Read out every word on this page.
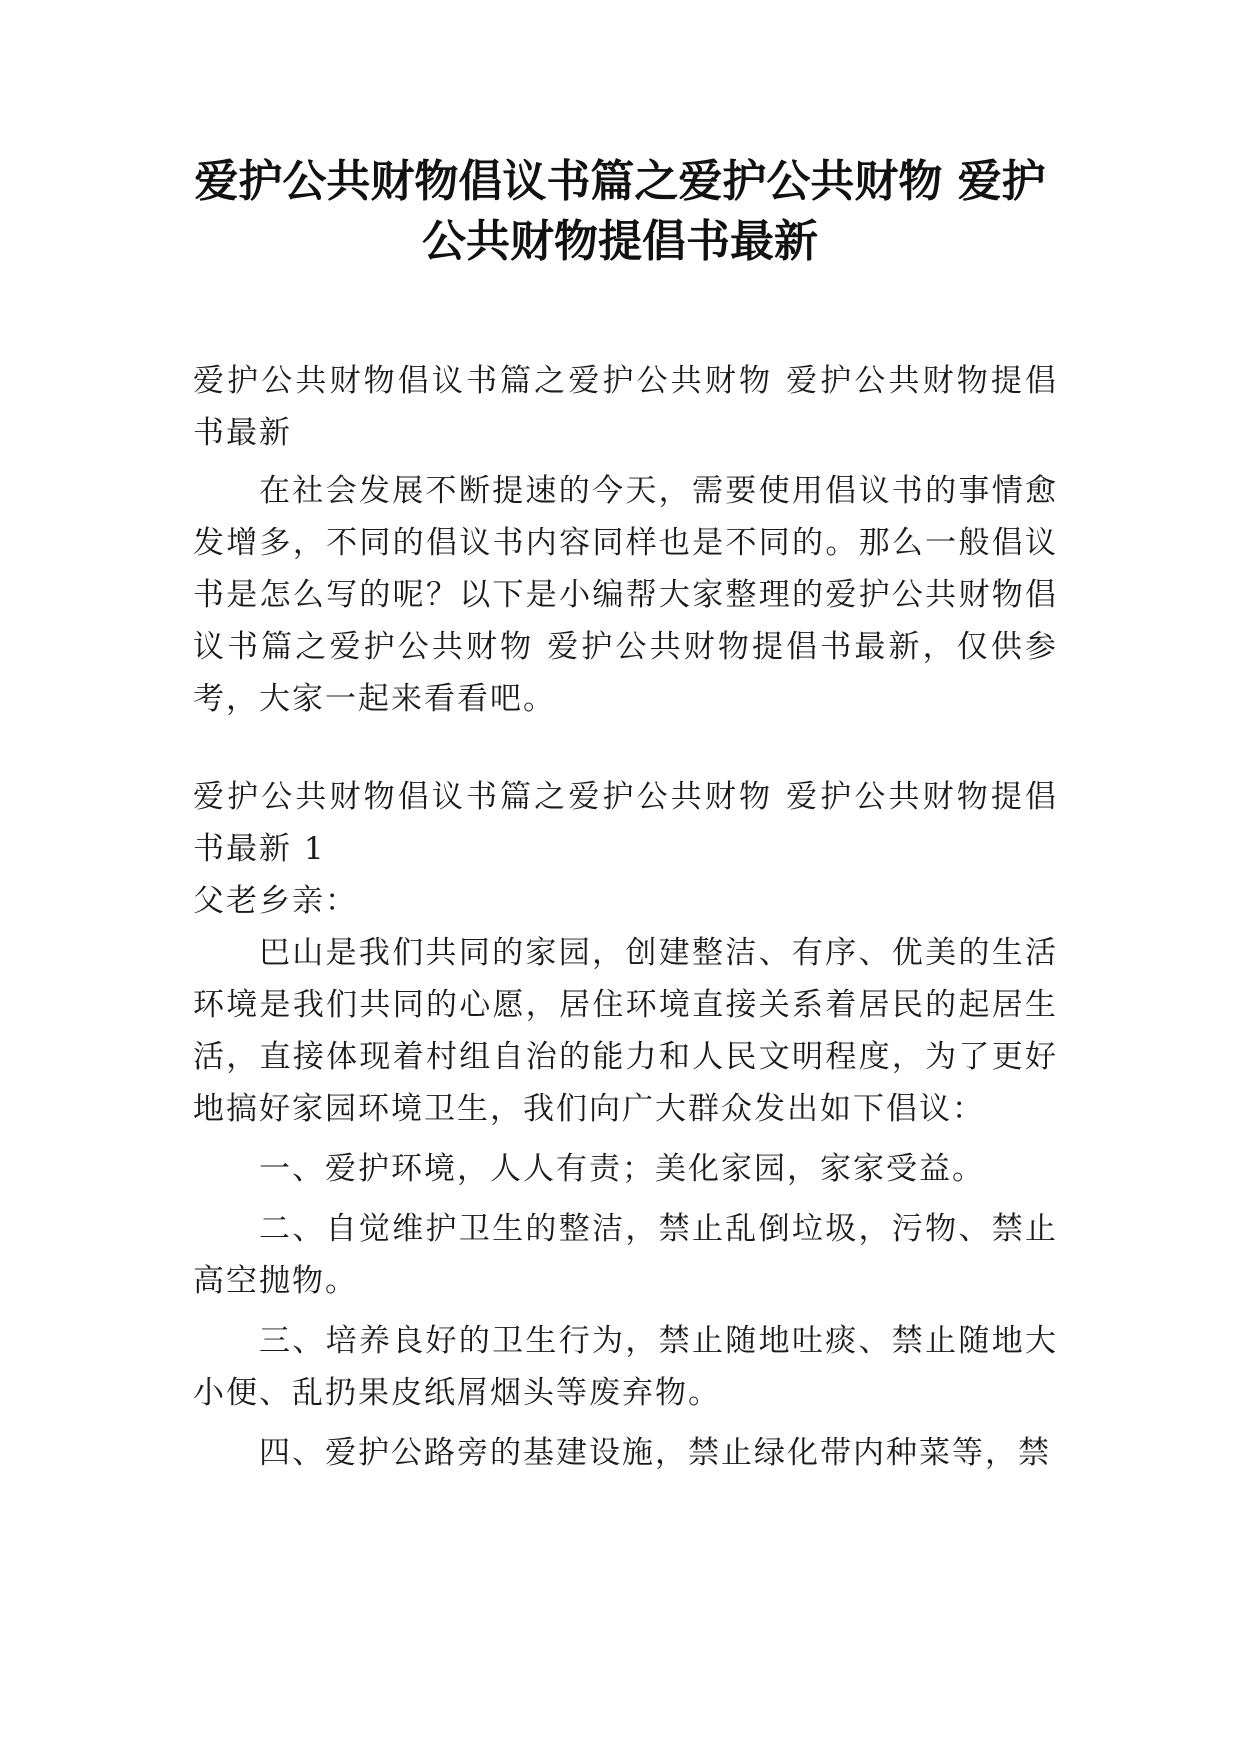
爱护公共财物倡议书篇之爱护公共财物 爱护公共财物提倡书最新

爱护公共财物倡议书篇之爱护公共财物 爱护公共财物提倡书最新

在社会发展不断提速的今天，需要使用倡议书的事情愈发增多，不同的倡议书内容同样也是不同的。那么一般倡议书是怎么写的呢？以下是小编帮大家整理的爱护公共财物倡议书篇之爱护公共财物 爱护公共财物提倡书最新，仅供参考，大家一起来看看吧。

爱护公共财物倡议书篇之爱护公共财物 爱护公共财物提倡书最新 1

父老乡亲：

巴山是我们共同的家园，创建整洁、有序、优美的生活环境是我们共同的心愿，居住环境直接关系着居民的起居生活，直接体现着村组自治的能力和人民文明程度，为了更好地搞好家园环境卫生，我们向广大群众发出如下倡议：

一、爱护环境，人人有责；美化家园，家家受益。

二、自觉维护卫生的整洁，禁止乱倒垃圾，污物、禁止高空抛物。

三、培养良好的卫生行为，禁止随地吐痰、禁止随地大小便、乱扔果皮纸屑烟头等废弃物。

四、爱护公路旁的基建设施，禁止绿化带内种菜等，禁
